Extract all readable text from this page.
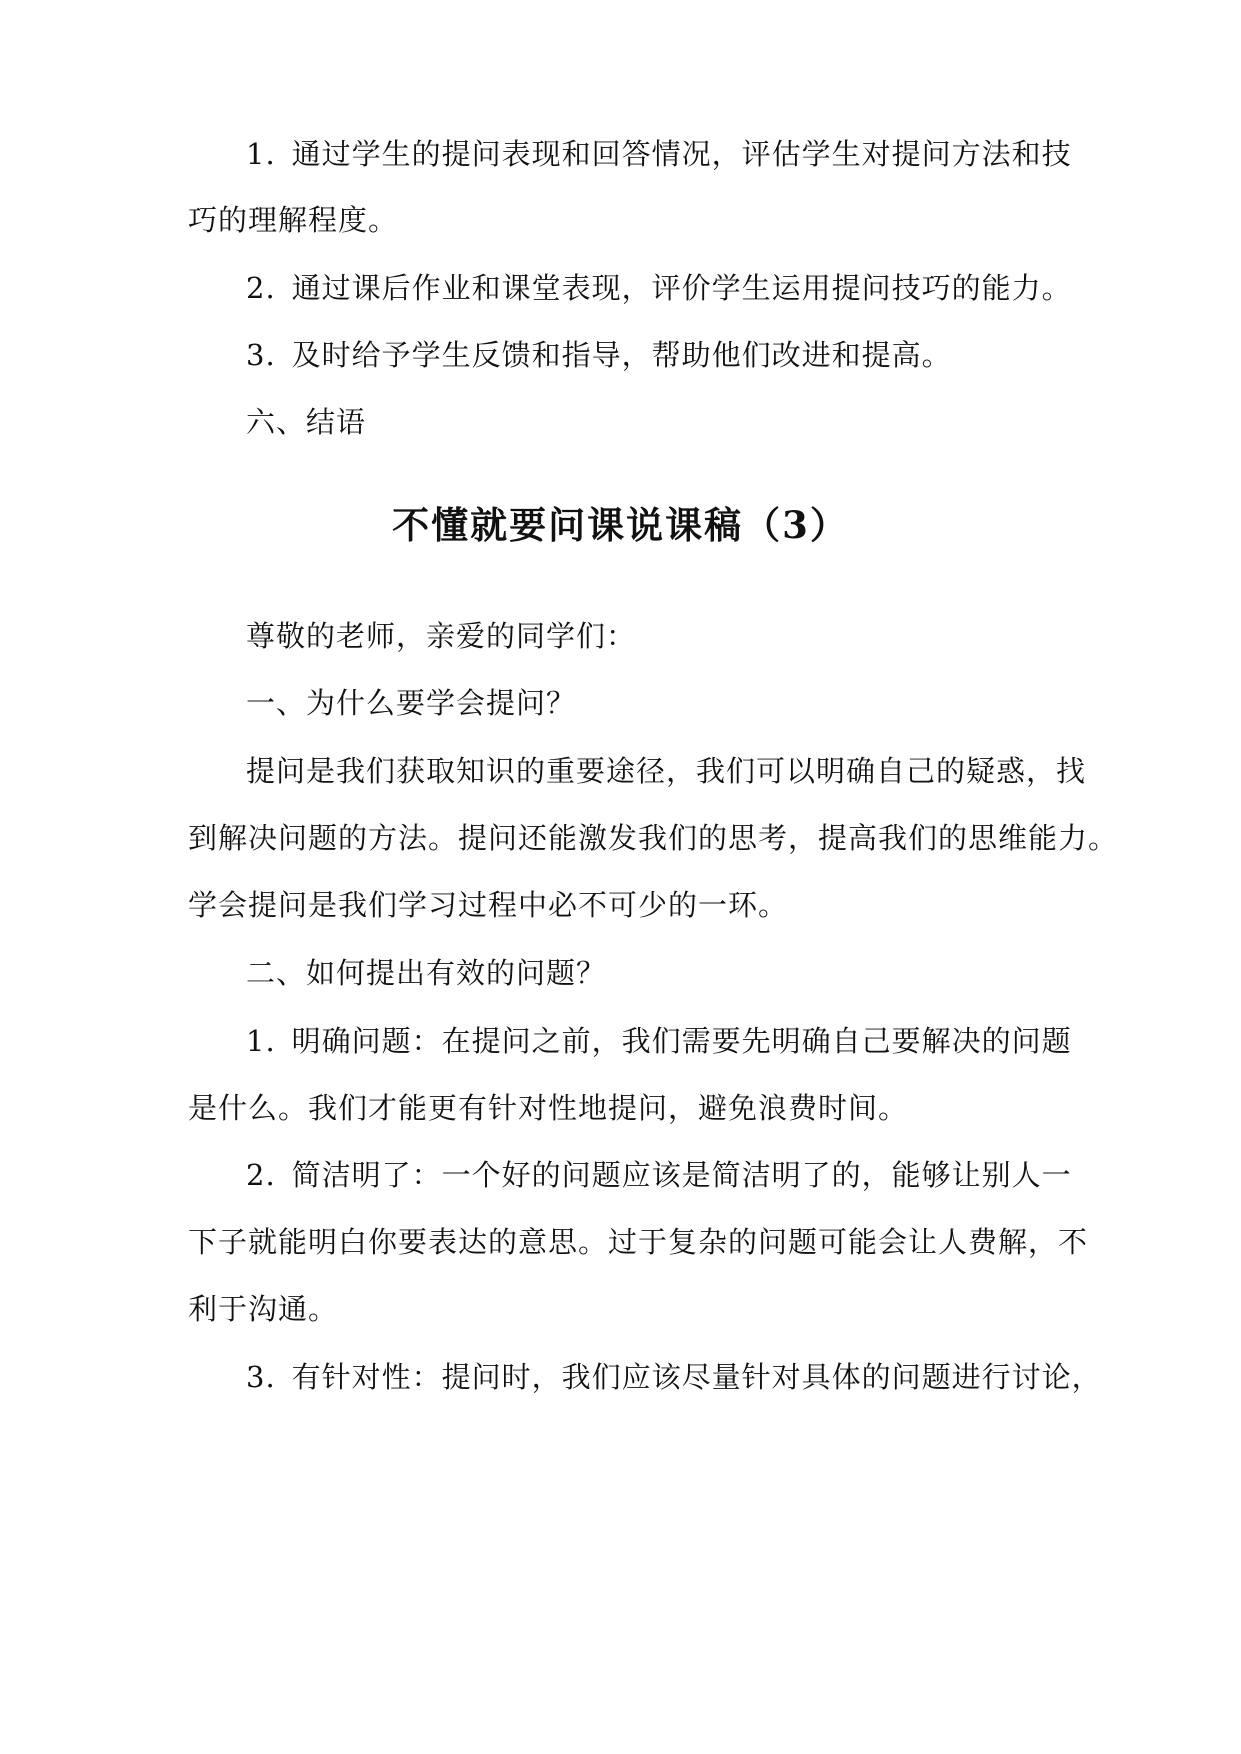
1. 通过学生的提问表现和回答情况，评估学生对提问方法和技
巧的理解程度。
2. 通过课后作业和课堂表现，评价学生运用提问技巧的能力。
3. 及时给予学生反馈和指导，帮助他们改进和提高。
六、结语
不懂就要问课说课稿（3）
尊敬的老师，亲爱的同学们：
一、为什么要学会提问？
提问是我们获取知识的重要途径，我们可以明确自己的疑惑，找
到解决问题的方法。提问还能激发我们的思考，提高我们的思维能力。
学会提问是我们学习过程中必不可少的一环。
二、如何提出有效的问题？
1. 明确问题：在提问之前，我们需要先明确自己要解决的问题
是什么。我们才能更有针对性地提问，避免浪费时间。
2. 简洁明了：一个好的问题应该是简洁明了的，能够让别人一
下子就能明白你要表达的意思。过于复杂的问题可能会让人费解，不
利于沟通。
3. 有针对性：提问时，我们应该尽量针对具体的问题进行讨论，
